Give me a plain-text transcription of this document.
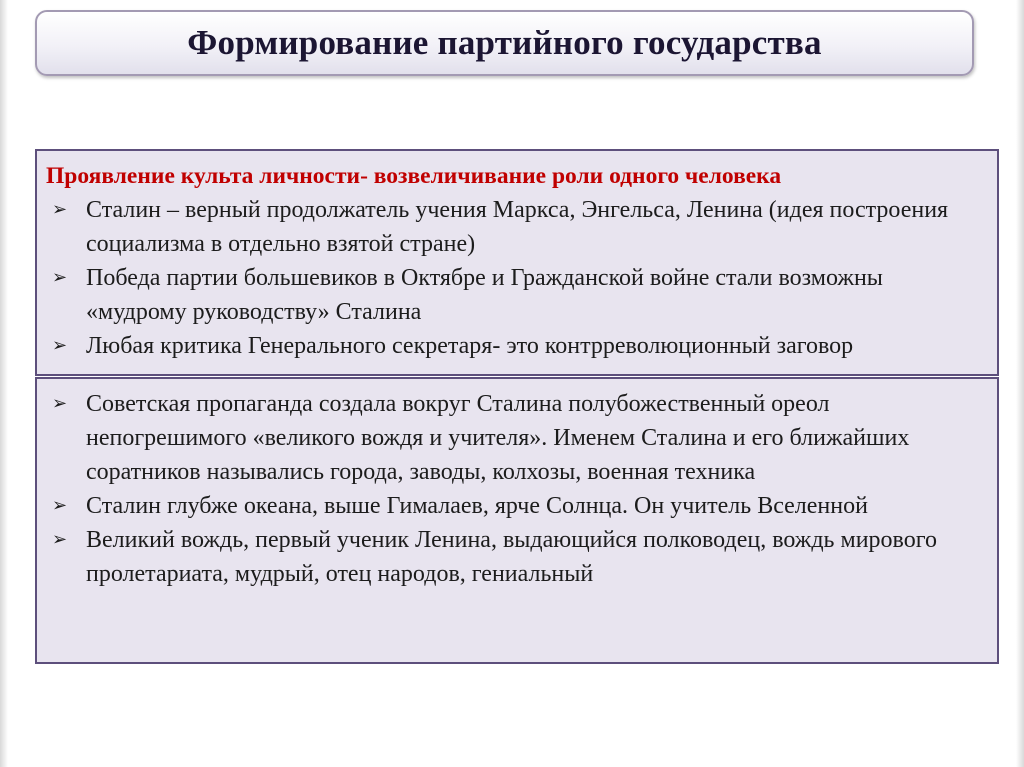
Формирование партийного государства

Проявление культа личности- возвеличивание роли одного человека

➢ Сталин – верный продолжатель учения Маркса, Энгельса, Ленина (идея построения социализма в отдельно взятой стране)
➢ Победа партии большевиков в Октябре и Гражданской войне стали возможны «мудрому руководству» Сталина
➢ Любая критика Генерального секретаря- это контрреволюционный заговор
➢ Советская пропаганда создала вокруг Сталина полубожественный ореол непогрешимого «великого вождя и учителя». Именем Сталина и его ближайших соратников назывались города, заводы, колхозы, военная техника
➢ Сталин глубже океана, выше Гималаев, ярче Солнца. Он учитель Вселенной
➢ Великий вождь, первый ученик Ленина, выдающийся полководец, вождь мирового пролетариата, мудрый, отец народов, гениальный
